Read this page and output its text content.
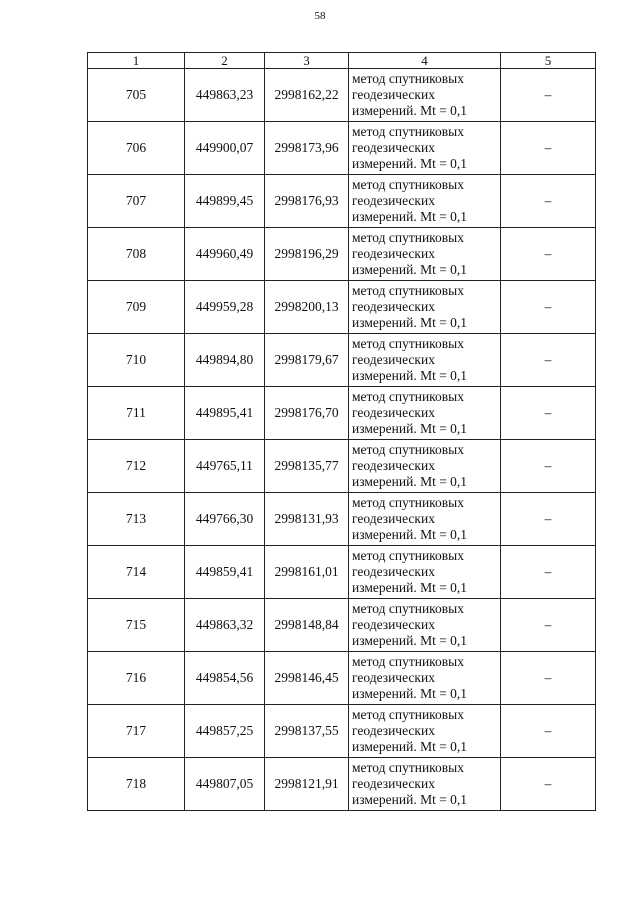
58
1	2	3	4	5
705	449863,23	2998162,22	метод спутниковых
геодезических
измерений. Mt = 0,1	–
706	449900,07	2998173,96	метод спутниковых
геодезических
измерений. Mt = 0,1	–
707	449899,45	2998176,93	метод спутниковых
геодезических
измерений. Mt = 0,1	–
708	449960,49	2998196,29	метод спутниковых
геодезических
измерений. Mt = 0,1	–
709	449959,28	2998200,13	метод спутниковых
геодезических
измерений. Mt = 0,1	–
710	449894,80	2998179,67	метод спутниковых
геодезических
измерений. Mt = 0,1	–
711	449895,41	2998176,70	метод спутниковых
геодезических
измерений. Mt = 0,1	–
712	449765,11	2998135,77	метод спутниковых
геодезических
измерений. Mt = 0,1	–
713	449766,30	2998131,93	метод спутниковых
геодезических
измерений. Mt = 0,1	–
714	449859,41	2998161,01	метод спутниковых
геодезических
измерений. Mt = 0,1	–
715	449863,32	2998148,84	метод спутниковых
геодезических
измерений. Mt = 0,1	–
716	449854,56	2998146,45	метод спутниковых
геодезических
измерений. Mt = 0,1	–
717	449857,25	2998137,55	метод спутниковых
геодезических
измерений. Mt = 0,1	–
718	449807,05	2998121,91	метод спутниковых
геодезических
измерений. Mt = 0,1	–
